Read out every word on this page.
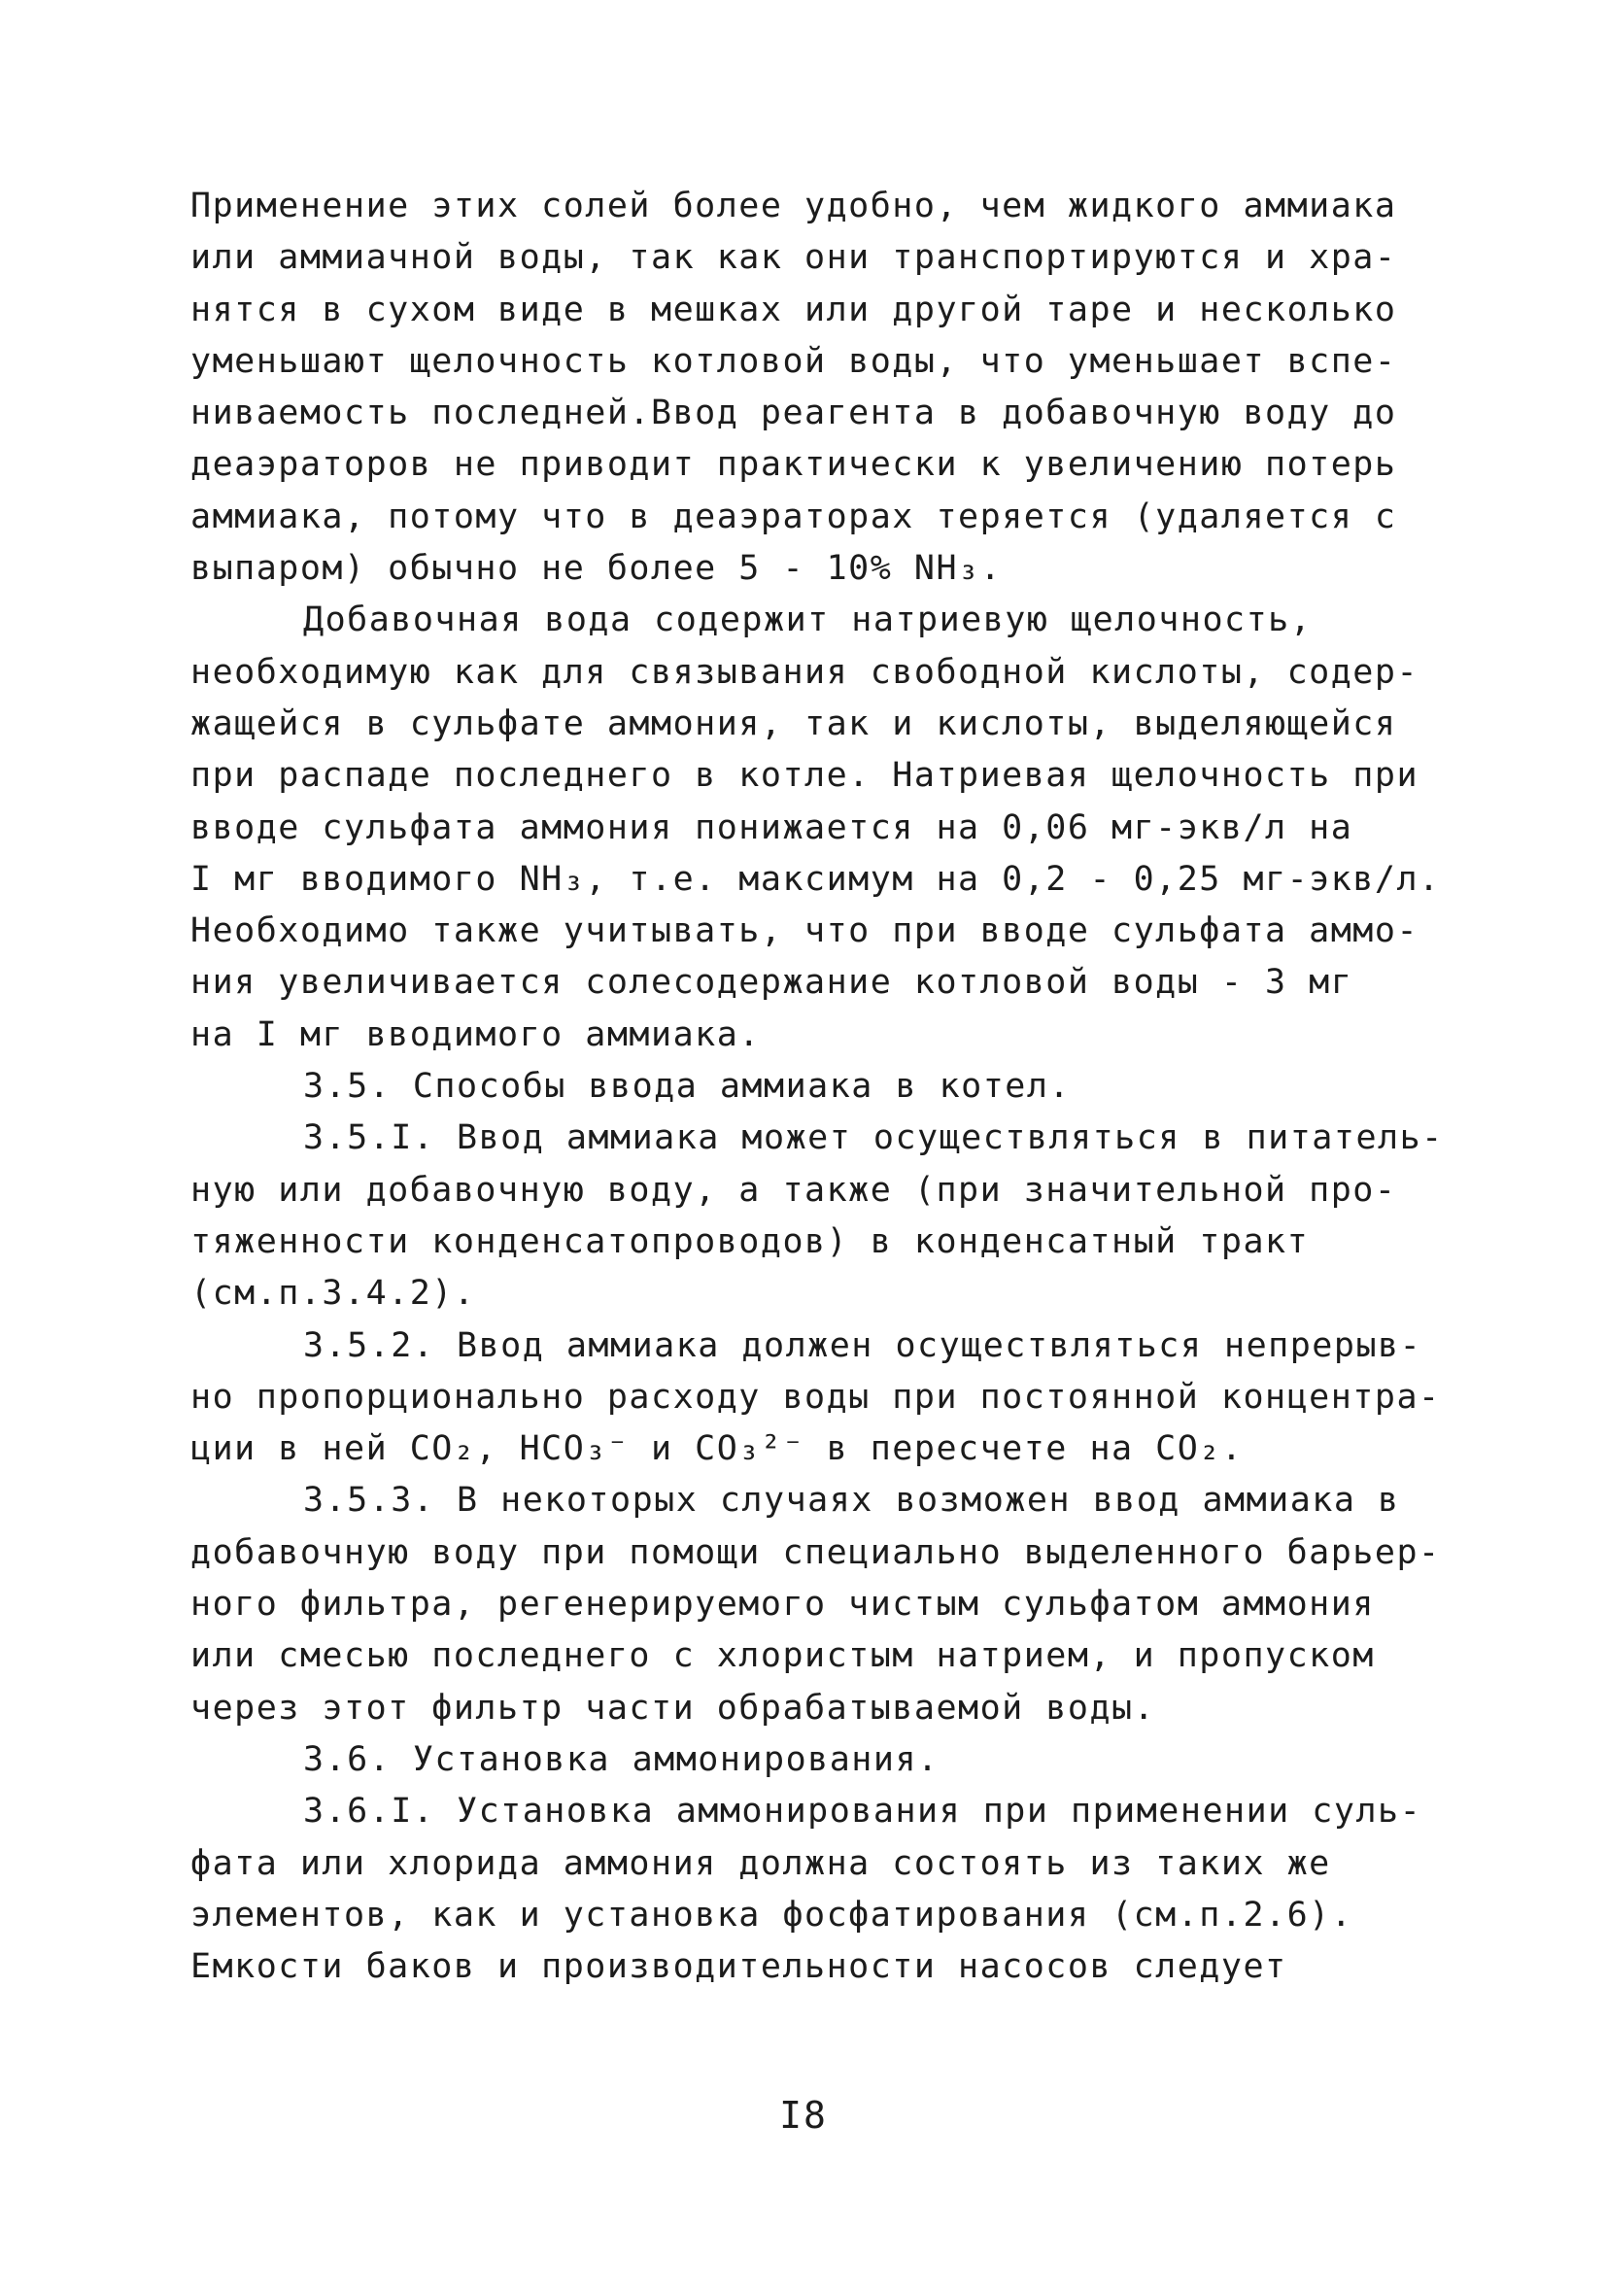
Применение этих солей более удобно, чем жидкого аммиака
или аммиачной воды, так как они транспортируются и хра-
нятся в сухом виде в мешках или другой таре и несколько
уменьшают щелочность котловой воды, что уменьшает вспе-
ниваемость последней.Ввод реагента в добавочную воду до
деаэраторов не приводит практически к увеличению потерь
аммиака, потому что в деаэраторах теряется (удаляется с
выпаром) обычно не более 5 - 10% NH₃.
Добавочная вода содержит натриевую щелочность,
необходимую как для связывания свободной кислоты, содер-
жащейся в сульфате аммония, так и кислоты, выделяющейся
при распаде последнего в котле. Натриевая щелочность при
вводе сульфата аммония понижается на 0,06 мг-экв/л на
I мг вводимого NH₃, т.е. максимум на 0,2 - 0,25 мг-экв/л.
Необходимо также учитывать, что при вводе сульфата аммо-
ния увеличивается солесодержание котловой воды - 3 мг
на I мг вводимого аммиака.
3.5. Способы ввода аммиака в котел.
3.5.I. Ввод аммиака может осуществляться в питатель-
ную или добавочную воду, а также (при значительной про-
тяженности конденсатопроводов) в конденсатный тракт
(см.п.3.4.2).
3.5.2. Ввод аммиака должен осуществляться непрерыв-
но пропорционально расходу воды при постоянной концентра-
ции в ней CO₂, HCO₃⁻ и CO₃²⁻ в пересчете на CO₂.
3.5.3. В некоторых случаях возможен ввод аммиака в
добавочную воду при помощи специально выделенного барьер-
ного фильтра, регенерируемого чистым сульфатом аммония
или смесью последнего с хлористым натрием, и пропуском
через этот фильтр части обрабатываемой воды.
3.6. Установка аммонирования.
3.6.I. Установка аммонирования при применении суль-
фата или хлорида аммония должна состоять из таких же
элементов, как и установка фосфатирования (см.п.2.6).
Емкости баков и производительности насосов следует
I8
